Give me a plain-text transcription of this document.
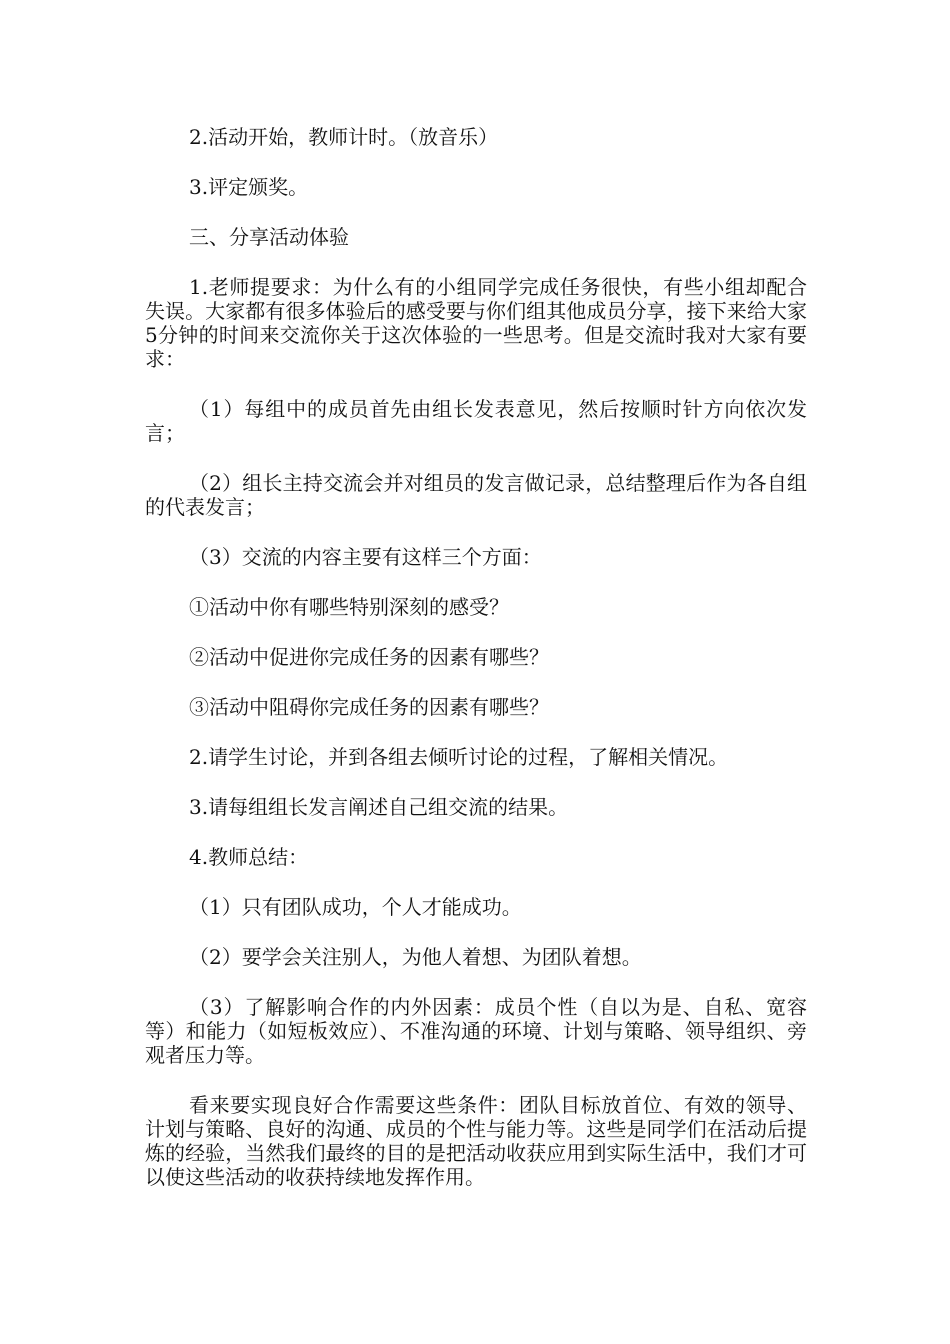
2.活动开始，教师计时。（放音乐）

3.评定颁奖。

三、分享活动体验

1.老师提要求：为什么有的小组同学完成任务很快，有些小组却配合失误。大家都有很多体验后的感受要与你们组其他成员分享，接下来给大家5分钟的时间来交流你关于这次体验的一些思考。但是交流时我对大家有要求：

（1）每组中的成员首先由组长发表意见，然后按顺时针方向依次发言；

（2）组长主持交流会并对组员的发言做记录，总结整理后作为各自组的代表发言；

（3）交流的内容主要有这样三个方面：

①活动中你有哪些特别深刻的感受？

②活动中促进你完成任务的因素有哪些？

③活动中阻碍你完成任务的因素有哪些？

2.请学生讨论，并到各组去倾听讨论的过程，了解相关情况。

3.请每组组长发言阐述自己组交流的结果。

4.教师总结：

（1）只有团队成功，个人才能成功。

（2）要学会关注别人，为他人着想、为团队着想。

（3）了解影响合作的内外因素：成员个性（自以为是、自私、宽容等）和能力（如短板效应）、不准沟通的环境、计划与策略、领导组织、旁观者压力等。

看来要实现良好合作需要这些条件：团队目标放首位、有效的领导、计划与策略、良好的沟通、成员的个性与能力等。这些是同学们在活动后提炼的经验，当然我们最终的目的是把活动收获应用到实际生活中，我们才可以使这些活动的收获持续地发挥作用。
